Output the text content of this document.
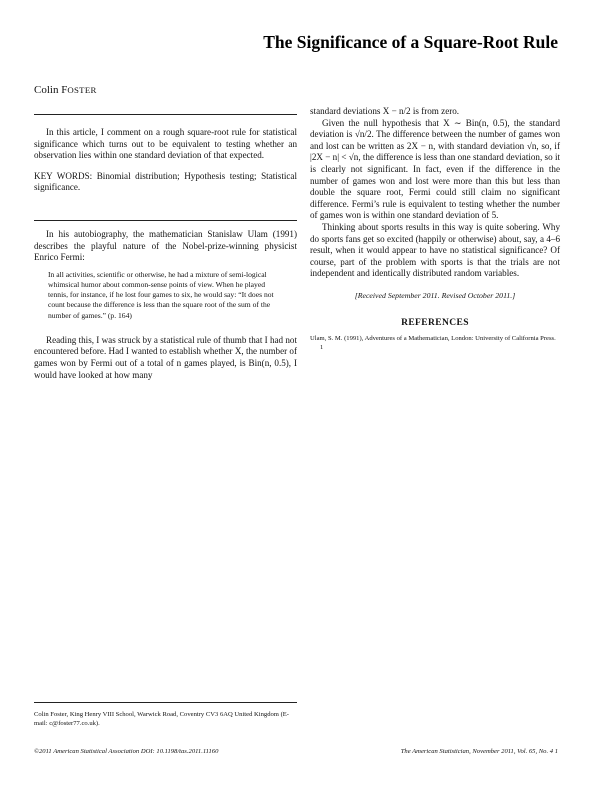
The Significance of a Square-Root Rule
Colin FOSTER

In this article, I comment on a rough square-root rule for statistical significance which turns out to be equivalent to testing whether an observation lies within one standard deviation of that expected.

KEY WORDS: Binomial distribution; Hypothesis testing; Statistical significance.

In his autobiography, the mathematician Stanislaw Ulam (1991) describes the playful nature of the Nobel-prize-winning physicist Enrico Fermi:

In all activities, scientific or otherwise, he had a mixture of semi-logical whimsical humor about common-sense points of view. When he played tennis, for instance, if he lost four games to six, he would say: “It does not count because the difference is less than the square root of the sum of the number of games.” (p. 164)

Reading this, I was struck by a statistical rule of thumb that I had not encountered before. Had I wanted to establish whether X, the number of games won by Fermi out of a total of n games played, is Bin(n, 0.5), I would have looked at how many

standard deviations X − n/2 is from zero.

Given the null hypothesis that X ∼ Bin(n, 0.5), the standard deviation is √n/2. The difference between the number of games won and lost can be written as 2X − n, with standard deviation √n, so, if |2X − n| < √n, the difference is less than one standard deviation, so it is clearly not significant. In fact, even if the difference in the number of games won and lost were more than this but less than double the square root, Fermi could still claim no significant difference. Fermi’s rule is equivalent to testing whether the number of games won is within one standard deviation of 5.

Thinking about sports results in this way is quite sobering. Why do sports fans get so excited (happily or otherwise) about, say, a 4–6 result, when it would appear to have no statistical significance? Of course, part of the problem with sports is that the trials are not independent and identically distributed random variables.

[Received September 2011. Revised October 2011.]

REFERENCES

Ulam, S. M. (1991), Adventures of a Mathematician, London: University of California Press. 1

Colin Foster, King Henry VIII School, Warwick Road, Coventry CV3 6AQ United Kingdom (E-mail: c@foster77.co.uk).
©2011 American Statistical Association DOI: 10.1198/tas.2011.11160	The American Statistician, November 2011, Vol. 65, No. 4 1
